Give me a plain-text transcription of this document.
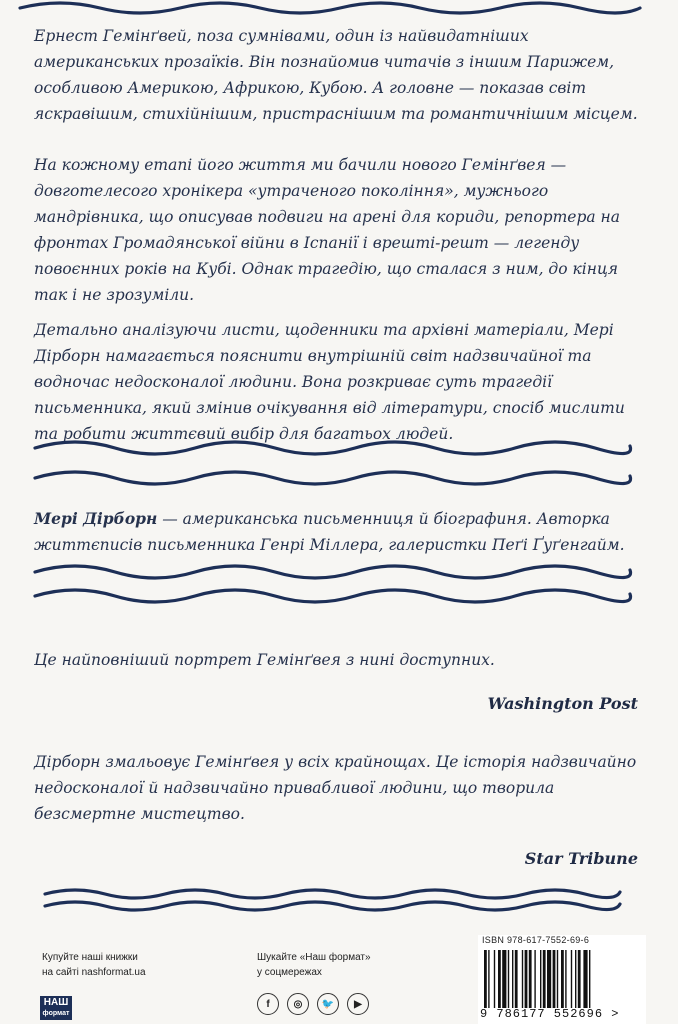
Ернест Гемінґвей, поза сумнівами, один із найвидатніших американських прозаїків. Він познайомив читачів з іншим Парижем, особливою Америкою, Африкою, Кубою. А головне — показав світ яскравішим, стихійнішим, пристраснішим та романтичнішим місцем.

На кожному етапі його життя ми бачили нового Гемінґвея — довготелесого хронікера «утраченого покоління», мужнього мандрівника, що описував подвиги на арені для кориди, репортера на фронтах Громадянської війни в Іспанії і врешті-решт — легенду повоєнних років на Кубі. Однак трагедію, що сталася з ним, до кінця так і не зрозуміли.

Детально аналізуючи листи, щоденники та архівні матеріали, Мері Дірборн намагається пояснити внутрішній світ надзвичайної та водночас недосконалої людини. Вона розкриває суть трагедії письменника, який змінив очікування від літератури, спосіб мислити та робити життєвий вибір для багатьох людей.

Мері Дірборн — американська письменниця й біографиня. Авторка життєписів письменника Генрі Міллера, галеристки Пеґі Ґуґенгайм.

Це найповніший портрет Гемінґвея з нині доступних.

Washington Post

Дірборн змальовує Гемінґвея у всіх крайнощах. Це історія надзвичайно недосконалої й надзвичайно привабливої людини, що творила безсмертне мистецтво.

Star Tribune
Купуйте наші книжки
на сайті nashformat.ua
НАШ
формат
Шукайте «Наш формат»
у соцмережах
f	◎	🐦	▶
ISBN 978-617-7552-69-6
9 786177 552696 >
